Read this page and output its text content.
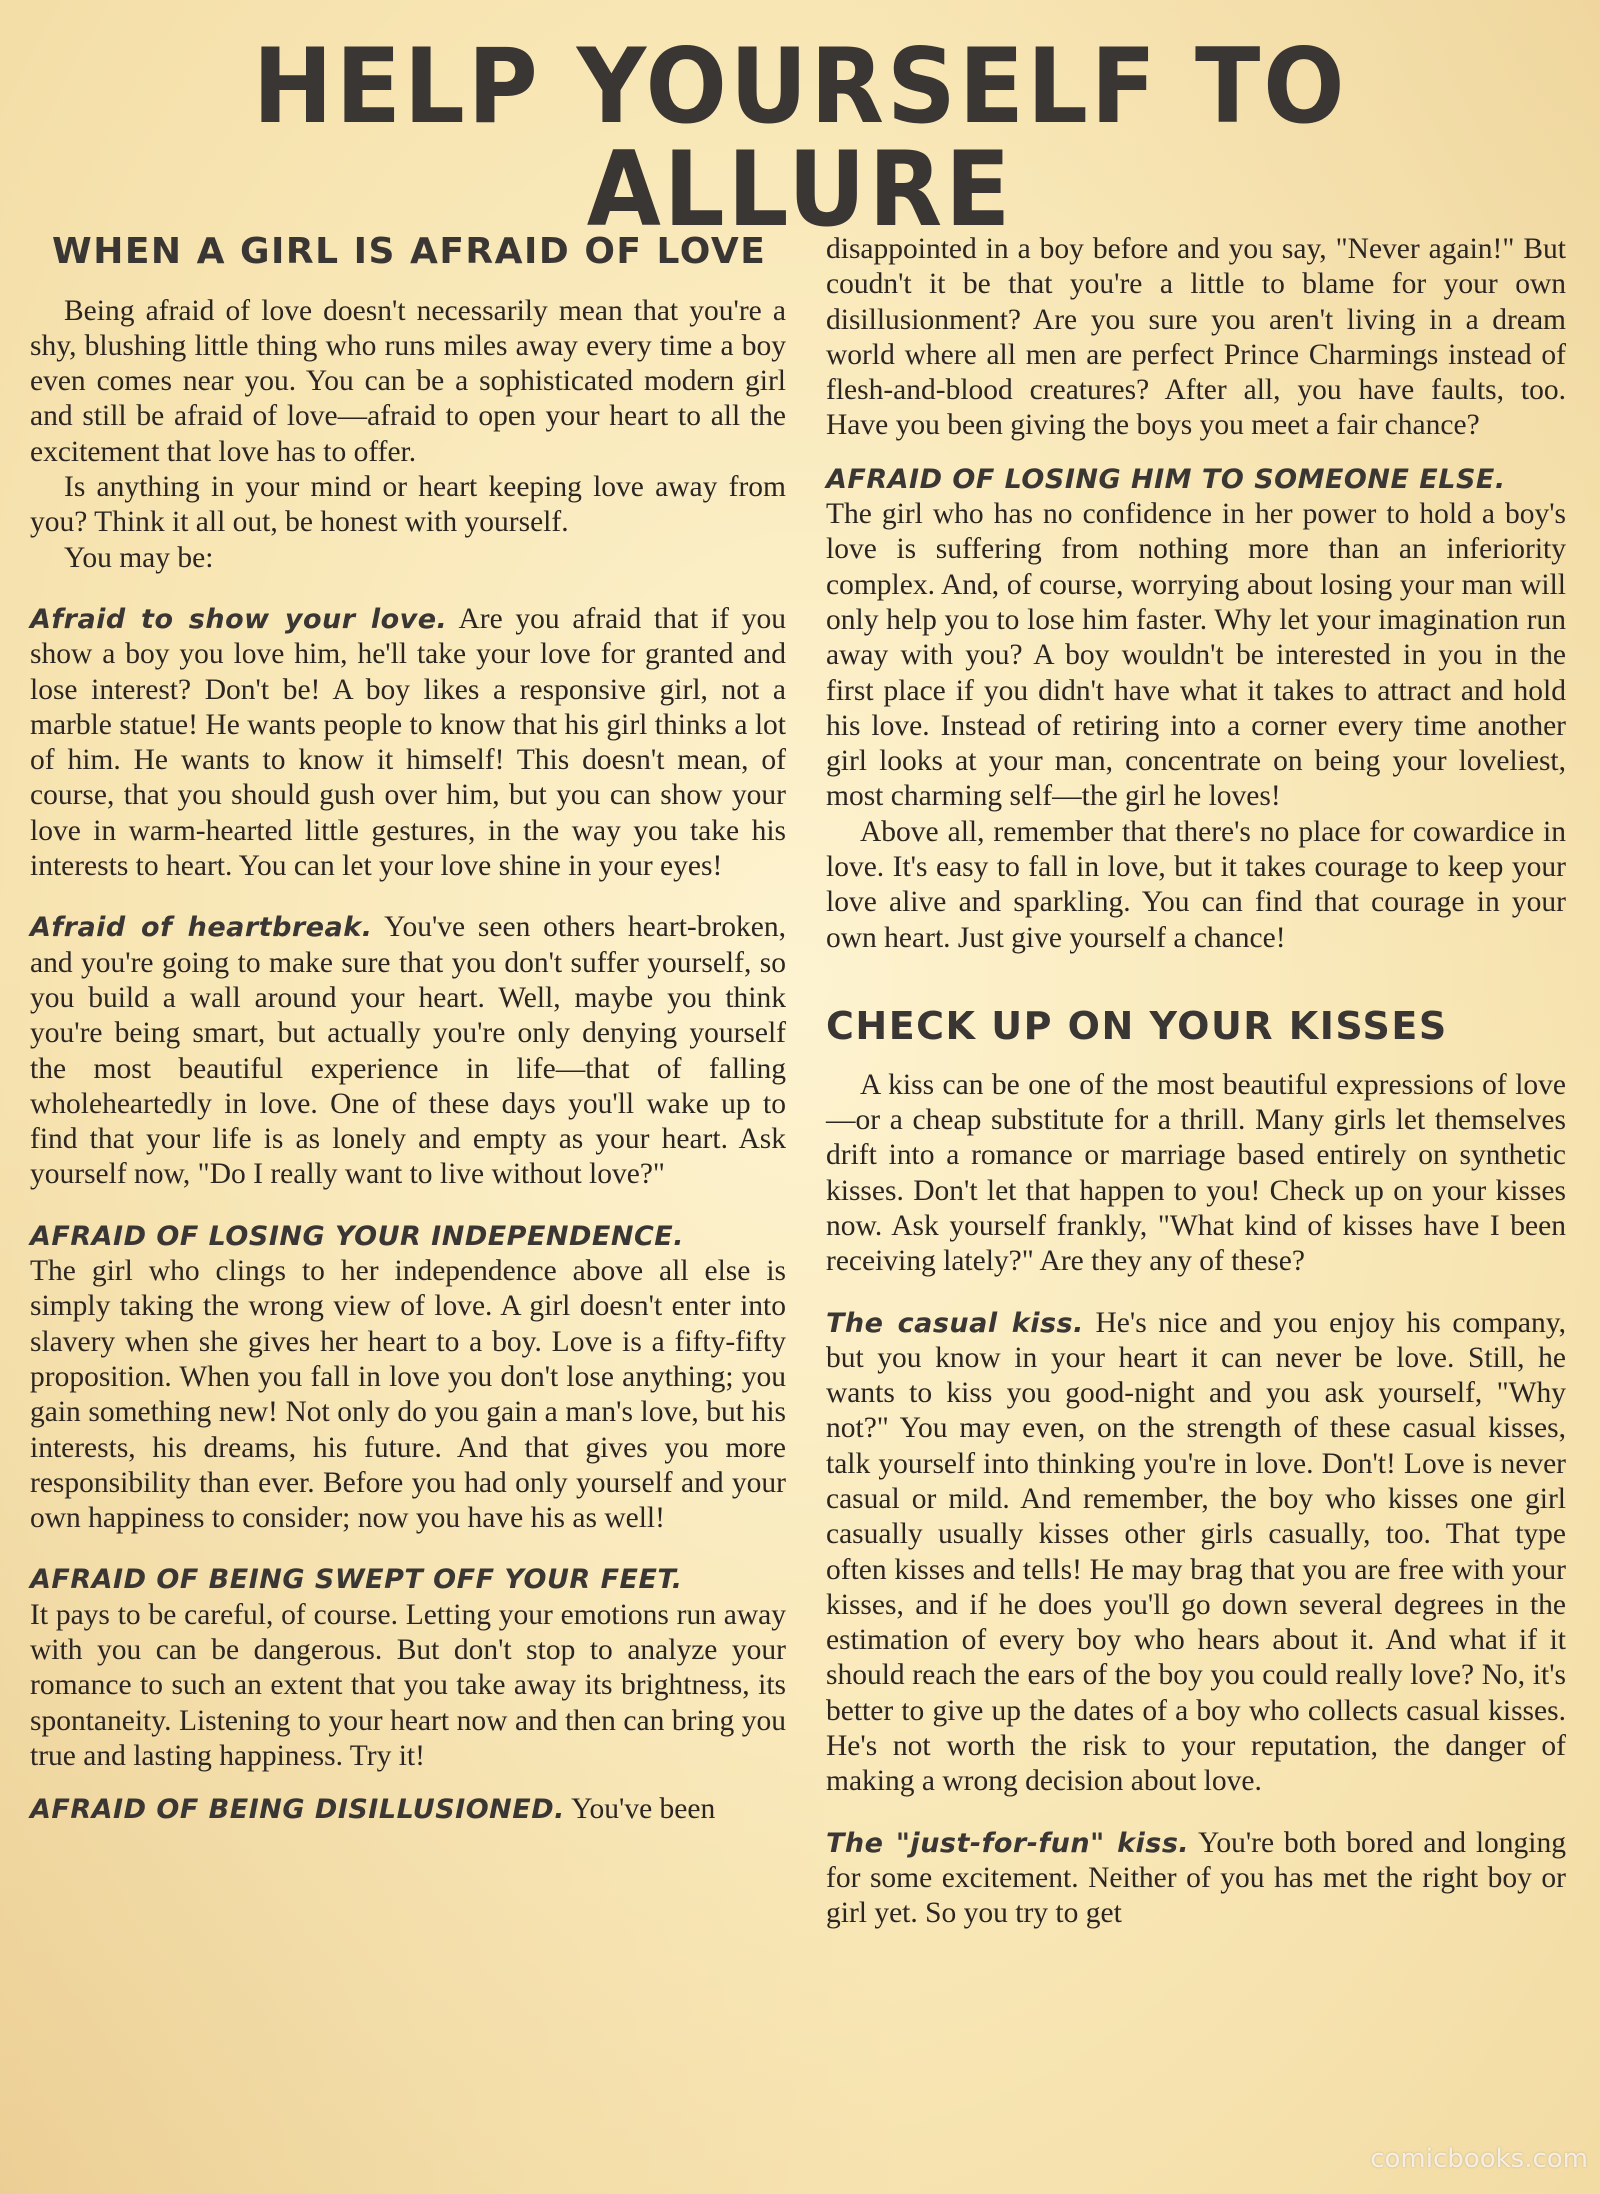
HELP YOURSELF TO ALLURE
WHEN A GIRL IS AFRAID OF LOVE

Being afraid of love doesn't necessarily mean that you're a shy, blushing little thing who runs miles away every time a boy even comes near you. You can be a sophisticated modern girl and still be afraid of love—afraid to open your heart to all the excitement that love has to offer.

Is anything in your mind or heart keeping love away from you? Think it all out, be honest with yourself.

You may be:

Afraid to show your love. Are you afraid that if you show a boy you love him, he'll take your love for granted and lose interest? Don't be! A boy likes a responsive girl, not a marble statue! He wants people to know that his girl thinks a lot of him. He wants to know it himself! This doesn't mean, of course, that you should gush over him, but you can show your love in warm-hearted little gestures, in the way you take his interests to heart. You can let your love shine in your eyes!

Afraid of heartbreak. You've seen others heart-broken, and you're going to make sure that you don't suffer yourself, so you build a wall around your heart. Well, maybe you think you're being smart, but actually you're only denying yourself the most beautiful experience in life—that of falling wholeheartedly in love. One of these days you'll wake up to find that your life is as lonely and empty as your heart. Ask yourself now, "Do I really want to live without love?"

AFRAID OF LOSING YOUR INDEPENDENCE.
The girl who clings to her independence above all else is simply taking the wrong view of love. A girl doesn't enter into slavery when she gives her heart to a boy. Love is a fifty-fifty proposition. When you fall in love you don't lose anything; you gain something new! Not only do you gain a man's love, but his interests, his dreams, his future. And that gives you more responsibility than ever. Before you had only yourself and your own happiness to consider; now you have his as well!

AFRAID OF BEING SWEPT OFF YOUR FEET.
It pays to be careful, of course. Letting your emotions run away with you can be dangerous. But don't stop to analyze your romance to such an extent that you take away its brightness, its spontaneity. Listening to your heart now and then can bring you true and lasting happiness. Try it!

AFRAID OF BEING DISILLUSIONED. You've been

disappointed in a boy before and you say, "Never again!" But coudn't it be that you're a little to blame for your own disillusionment? Are you sure you aren't living in a dream world where all men are perfect Prince Charmings instead of flesh-and-blood creatures? After all, you have faults, too. Have you been giving the boys you meet a fair chance?

AFRAID OF LOSING HIM TO SOMEONE ELSE.
The girl who has no confidence in her power to hold a boy's love is suffering from nothing more than an inferiority complex. And, of course, worrying about losing your man will only help you to lose him faster. Why let your imagination run away with you? A boy wouldn't be interested in you in the first place if you didn't have what it takes to attract and hold his love. Instead of retiring into a corner every time another girl looks at your man, concentrate on being your loveliest, most charming self—the girl he loves!

Above all, remember that there's no place for cowardice in love. It's easy to fall in love, but it takes courage to keep your love alive and sparkling. You can find that courage in your own heart. Just give yourself a chance!

CHECK UP ON YOUR KISSES

A kiss can be one of the most beautiful expressions of love—or a cheap substitute for a thrill. Many girls let themselves drift into a romance or marriage based entirely on synthetic kisses. Don't let that happen to you! Check up on your kisses now. Ask yourself frankly, "What kind of kisses have I been receiving lately?" Are they any of these?

The casual kiss. He's nice and you enjoy his company, but you know in your heart it can never be love. Still, he wants to kiss you good-night and you ask yourself, "Why not?" You may even, on the strength of these casual kisses, talk yourself into thinking you're in love. Don't! Love is never casual or mild. And remember, the boy who kisses one girl casually usually kisses other girls casually, too. That type often kisses and tells! He may brag that you are free with your kisses, and if he does you'll go down several degrees in the estimation of every boy who hears about it. And what if it should reach the ears of the boy you could really love? No, it's better to give up the dates of a boy who collects casual kisses. He's not worth the risk to your reputation, the danger of making a wrong decision about love.

The "just-for-fun" kiss. You're both bored and longing for some excitement. Neither of you has met the right boy or girl yet. So you try to get

comicbooks.com
